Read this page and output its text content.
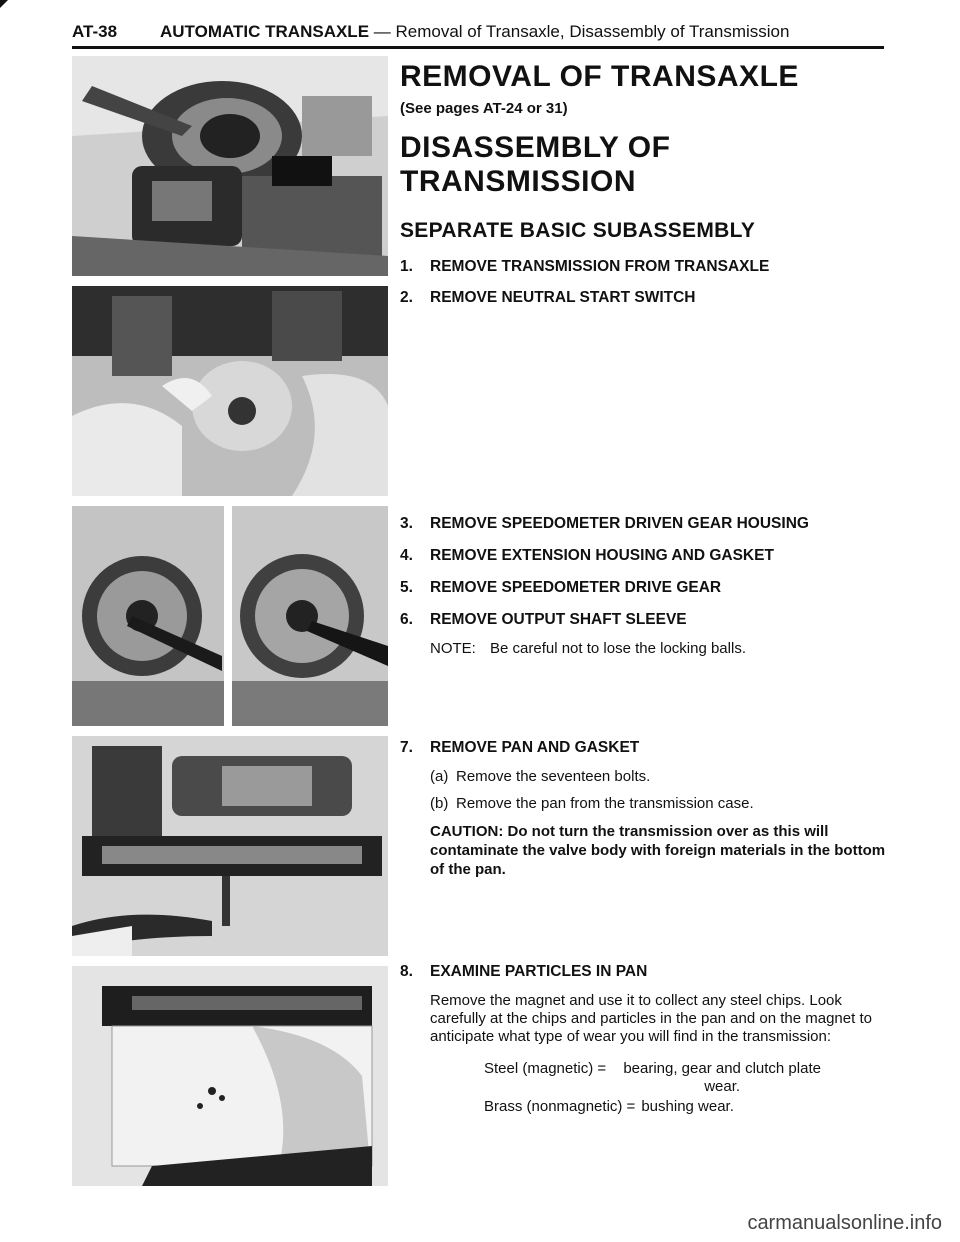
AT-38	AUTOMATIC TRANSAXLE — Removal of Transaxle, Disassembly of Transmission
REMOVAL OF TRANSAXLE
(See pages AT-24 or 31)
DISASSEMBLY OF TRANSMISSION
SEPARATE BASIC SUBASSEMBLY
1.	REMOVE TRANSMISSION FROM TRANSAXLE
2.	REMOVE NEUTRAL START SWITCH
3.	REMOVE SPEEDOMETER DRIVEN GEAR HOUSING
4.	REMOVE EXTENSION HOUSING AND GASKET
5.	REMOVE SPEEDOMETER DRIVE GEAR
6.	REMOVE OUTPUT SHAFT SLEEVE
NOTE: Be careful not to lose the locking balls.
7.	REMOVE PAN AND GASKET
(a) Remove the seventeen bolts.
(b) Remove the pan from the transmission case.
CAUTION: Do not turn the transmission over as this will contaminate the valve body with foreign materials in the bottom of the pan.
8.	EXAMINE PARTICLES IN PAN
Remove the magnet and use it to collect any steel chips. Look carefully at the chips and particles in the pan and on the magnet to anticipate what type of wear you will find in the transmission:
Steel (magnetic) =	bearing, gear and clutch plate wear.
Brass (nonmagnetic) = bushing wear.
carmanualsonline.info
